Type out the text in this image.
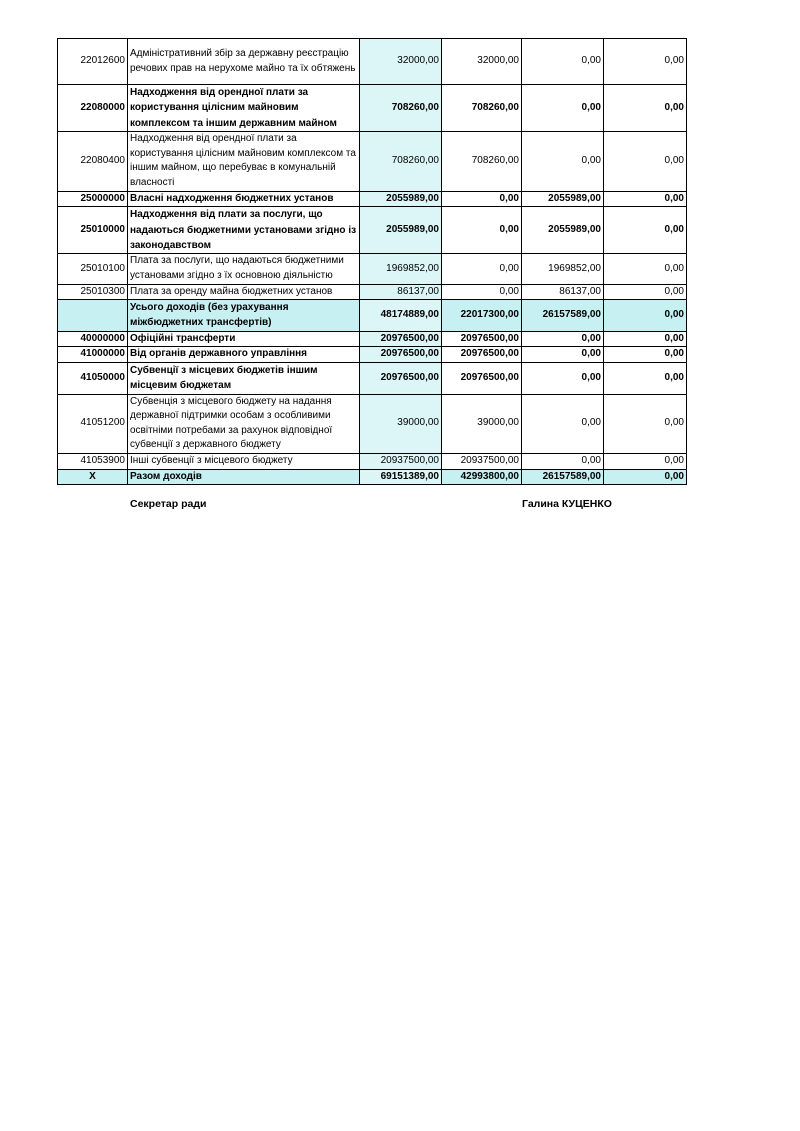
22012600	Адміністративний збір за державну реєстрацію речових прав на нерухоме майно та їх обтяжень	32000,00	32000,00	0,00	0,00
22080000	Надходження від орендної плати за користування цілісним майновим комплексом та іншим державним майном	708260,00	708260,00	0,00	0,00
22080400	Надходження від орендної плати за користування цілісним майновим комплексом та іншим майном, що перебуває в комунальній власності	708260,00	708260,00	0,00	0,00
25000000	Власні надходження бюджетних установ	2055989,00	0,00	2055989,00	0,00
25010000	Надходження від плати за послуги, що надаються бюджетними установами згідно із законодавством	2055989,00	0,00	2055989,00	0,00
25010100	Плата за послуги, що надаються бюджетними установами згідно з їх основною діяльністю	1969852,00	0,00	1969852,00	0,00
25010300	Плата за оренду майна бюджетних установ	86137,00	0,00	86137,00	0,00
	Усього доходів (без урахування міжбюджетних трансфертів)	48174889,00	22017300,00	26157589,00	0,00
40000000	Офіційні трансферти	20976500,00	20976500,00	0,00	0,00
41000000	Від органів державного управління	20976500,00	20976500,00	0,00	0,00
41050000	Субвенції з місцевих бюджетів іншим місцевим бюджетам	20976500,00	20976500,00	0,00	0,00
41051200	Субвенція з місцевого бюджету на надання державної підтримки особам з особливими освітніми потребами за рахунок відповідної субвенції з державного бюджету	39000,00	39000,00	0,00	0,00
41053900	Інші субвенції з місцевого бюджету	20937500,00	20937500,00	0,00	0,00
Х	Разом доходів	69151389,00	42993800,00	26157589,00	0,00
Секретар ради	Галина КУЦЕНКО
